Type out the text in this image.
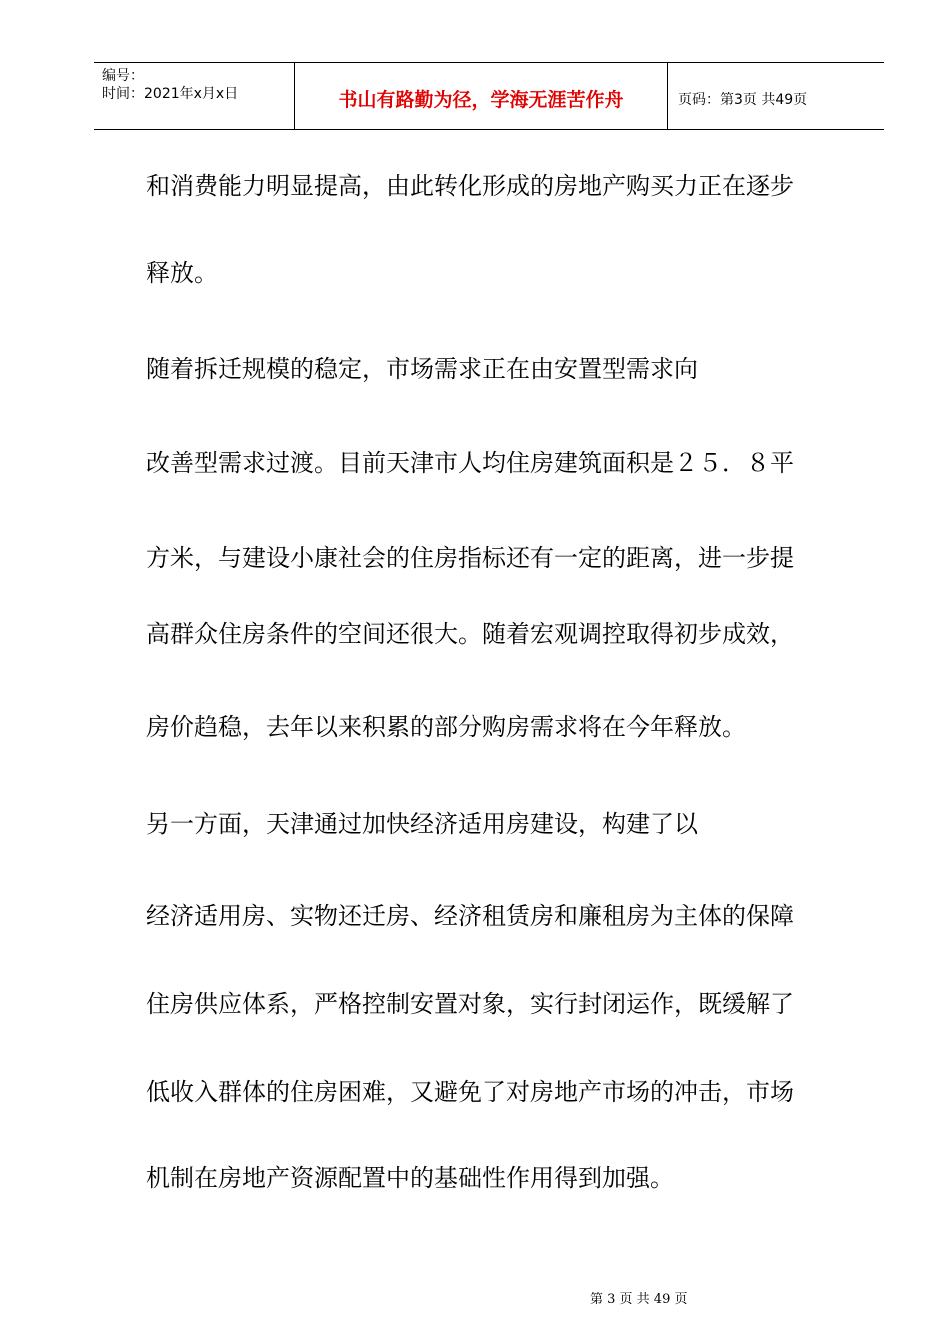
编号：
时间：2021年x月x日	书山有路勤为径，学海无涯苦作舟	页码：第3页 共49页
和消费能力明显提高，由此转化形成的房地产购买力正在逐步
释放。
随着拆迁规模的稳定，市场需求正在由安置型需求向
改善型需求过渡。目前天津市人均住房建筑面积是２５．８平
方米，与建设小康社会的住房指标还有一定的距离，进一步提
高群众住房条件的空间还很大。随着宏观调控取得初步成效，
房价趋稳，去年以来积累的部分购房需求将在今年释放。
另一方面，天津通过加快经济适用房建设，构建了以
经济适用房、实物还迁房、经济租赁房和廉租房为主体的保障
住房供应体系，严格控制安置对象，实行封闭运作，既缓解了
低收入群体的住房困难，又避免了对房地产市场的冲击，市场
机制在房地产资源配置中的基础性作用得到加强。
第 3 页 共 49 页
